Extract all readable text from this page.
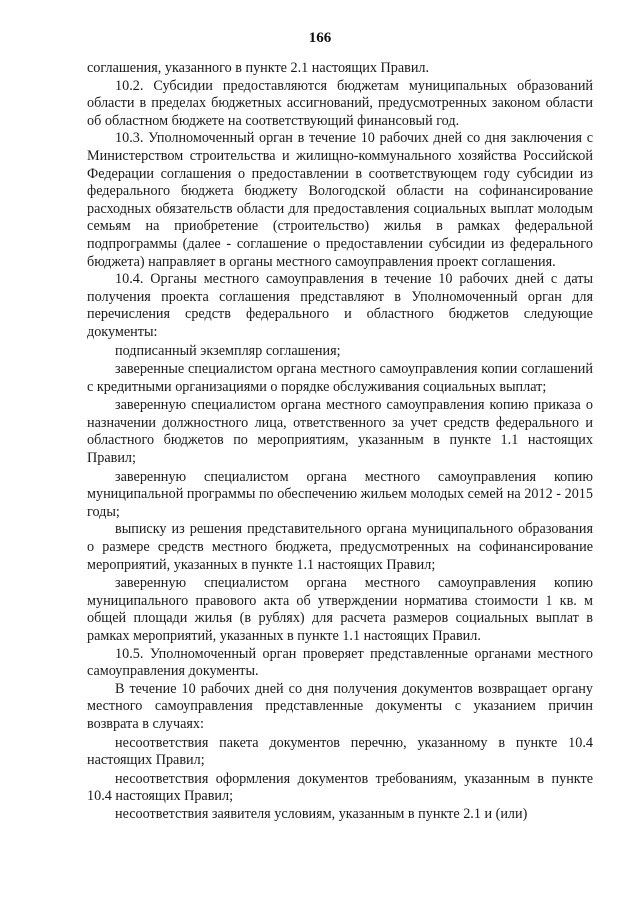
166

соглашения, указанного в пункте 2.1 настоящих Правил.

10.2. Субсидии предоставляются бюджетам муниципальных образований области в пределах бюджетных ассигнований, предусмотренных законом области об областном бюджете на соответствующий финансовый год.

10.3. Уполномоченный орган в течение 10 рабочих дней со дня заключения с Министерством строительства и жилищно-коммунального хозяйства Российской Федерации соглашения о предоставлении в соответствующем году субсидии из федерального бюджета бюджету Вологодской области на софинансирование расходных обязательств области для предоставления социальных выплат молодым семьям на приобретение (строительство) жилья в рамках федеральной подпрограммы (далее - соглашение о предоставлении субсидии из федерального бюджета) направляет в органы местного самоуправления проект соглашения.

10.4. Органы местного самоуправления в течение 10 рабочих дней с даты получения проекта соглашения представляют в Уполномоченный орган для перечисления средств федерального и областного бюджетов следующие документы:

подписанный экземпляр соглашения;

заверенные специалистом органа местного самоуправления копии соглашений с кредитными организациями о порядке обслуживания социальных выплат;

заверенную специалистом органа местного самоуправления копию приказа о назначении должностного лица, ответственного за учет средств федерального и областного бюджетов по мероприятиям, указанным в пункте 1.1 настоящих Правил;

заверенную специалистом органа местного самоуправления копию муниципальной программы по обеспечению жильем молодых семей на 2012 - 2015 годы;

выписку из решения представительного органа муниципального образования о размере средств местного бюджета, предусмотренных на софинансирование мероприятий, указанных в пункте 1.1 настоящих Правил;

заверенную специалистом органа местного самоуправления копию муниципального правового акта об утверждении норматива стоимости 1 кв. м общей площади жилья (в рублях) для расчета размеров социальных выплат в рамках мероприятий, указанных в пункте 1.1 настоящих Правил.

10.5. Уполномоченный орган проверяет представленные органами местного самоуправления документы.

В течение 10 рабочих дней со дня получения документов возвращает органу местного самоуправления представленные документы с указанием причин возврата в случаях:

несоответствия пакета документов перечню, указанному в пункте 10.4 настоящих Правил;

несоответствия оформления документов требованиям, указанным в пункте 10.4 настоящих Правил;

несоответствия заявителя условиям, указанным в пункте 2.1 и (или)
